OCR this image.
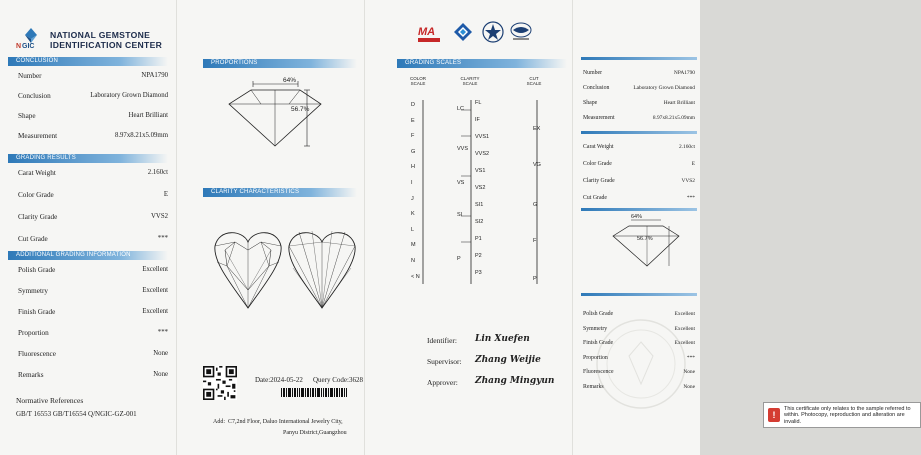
N GIC
NATIONAL GEMSTONE
IDENTIFICATION CENTER
CONCLUSION
Number	NPA1790
Conclusion	Laboratory Grown Diamond
Shape	Heart Brilliant
Measurement	8.97x8.21x5.09mm
GRADING RESULTS
Carat Weight	2.160ct
Color Grade	E
Clarity Grade	VVS2
Cut Grade	***
ADDITIONAL GRADING INFORMATION
Polish Grade	Excellent
Symmetry	Excellent
Finish Grade	Excellent
Proportion	***
Fluorescence	None
Remarks	None
Normative References
GB/T 16553 GB/T16554 Q/NGIC-GZ-001
PROPORTIONS
64%
56.7%
CLARITY CHARACTERISTICS
Date:2024-05-22 Query Code:3628
Add: C7,2nd Floor, Daluo International Jewelry City,
Panyu District,Guangzhou
MA
GRADING SCALES
COLOR SCALE
CLARITY SCALE
CUT SCALE
D
E
F
G
H
I
J
K
L
M
N
< N
FL
IF
VVS1
VVS2
VS1
VS2
SI1
SI2
P1
P2
P3
LC
VVS
VS
SI
P
EX
VG
G
F
P
Identifier: Lin Xuefen
Supervisor: Zhang Weijie
Approver: Zhang Mingyun
!
This certificate only relates to the sample referred to within. Photocopy, reproduction and alteration are invalid.
Number	NPA1790
Conclusion	Laboratory Grown Diamond
Shape	Heart Brilliant
Measurement	8.97x8.21x5.09mm
Carat Weight	2.160ct
Color Grade	E
Clarity Grade	VVS2
Cut Grade	***
64%
56.7%
Polish Grade	Excellent
Symmetry	Excellent
Finish Grade	Excellent
Proportion	***
Fluorescence	None
Remarks	None
